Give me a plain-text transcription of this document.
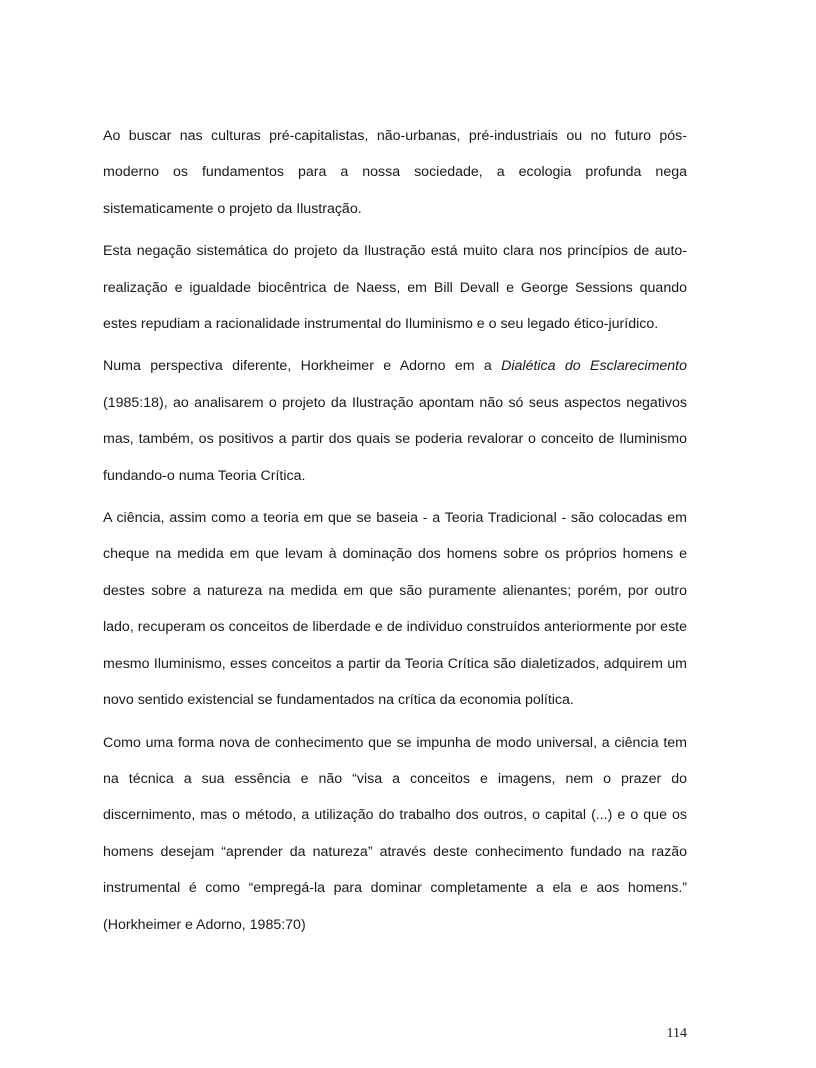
Ao buscar nas culturas pré-capitalistas, não-urbanas, pré-industriais ou no futuro pós-moderno os fundamentos para a nossa sociedade, a ecologia profunda nega sistematicamente o projeto da Ilustração.

Esta negação sistemática do projeto da Ilustração está muito clara nos princípios de auto-realização e igualdade biocêntrica de Naess, em Bill Devall e George Sessions quando estes repudiam a racionalidade instrumental do Iluminismo e o seu legado ético-jurídico.

Numa perspectiva diferente, Horkheimer e Adorno em a Dialética do Esclarecimento (1985:18), ao analisarem o projeto da Ilustração apontam não só seus aspectos negativos mas, também, os positivos a partir dos quais se poderia revalorar o conceito de Iluminismo fundando-o numa Teoria Crítica.

A ciência, assim como a teoria em que se baseia - a Teoria Tradicional - são colocadas em cheque na medida em que levam à dominação dos homens sobre os próprios homens e destes sobre a natureza na medida em que são puramente alienantes; porém, por outro lado, recuperam os conceitos de liberdade e de individuo construídos anteriormente por este mesmo Iluminismo, esses conceitos a partir da Teoria Crítica são dialetizados, adquirem um novo sentido existencial se fundamentados na crítica da economia política.

Como uma forma nova de conhecimento que se impunha de modo universal, a ciência tem na técnica a sua essência e não “visa a conceitos e imagens, nem o prazer do discernimento, mas o método, a utilização do trabalho dos outros, o capital (...) e o que os homens desejam “aprender da natureza” através deste conhecimento fundado na razão instrumental é como “empregá-la para dominar completamente a ela e aos homens.” (Horkheimer e Adorno, 1985:70)

114
